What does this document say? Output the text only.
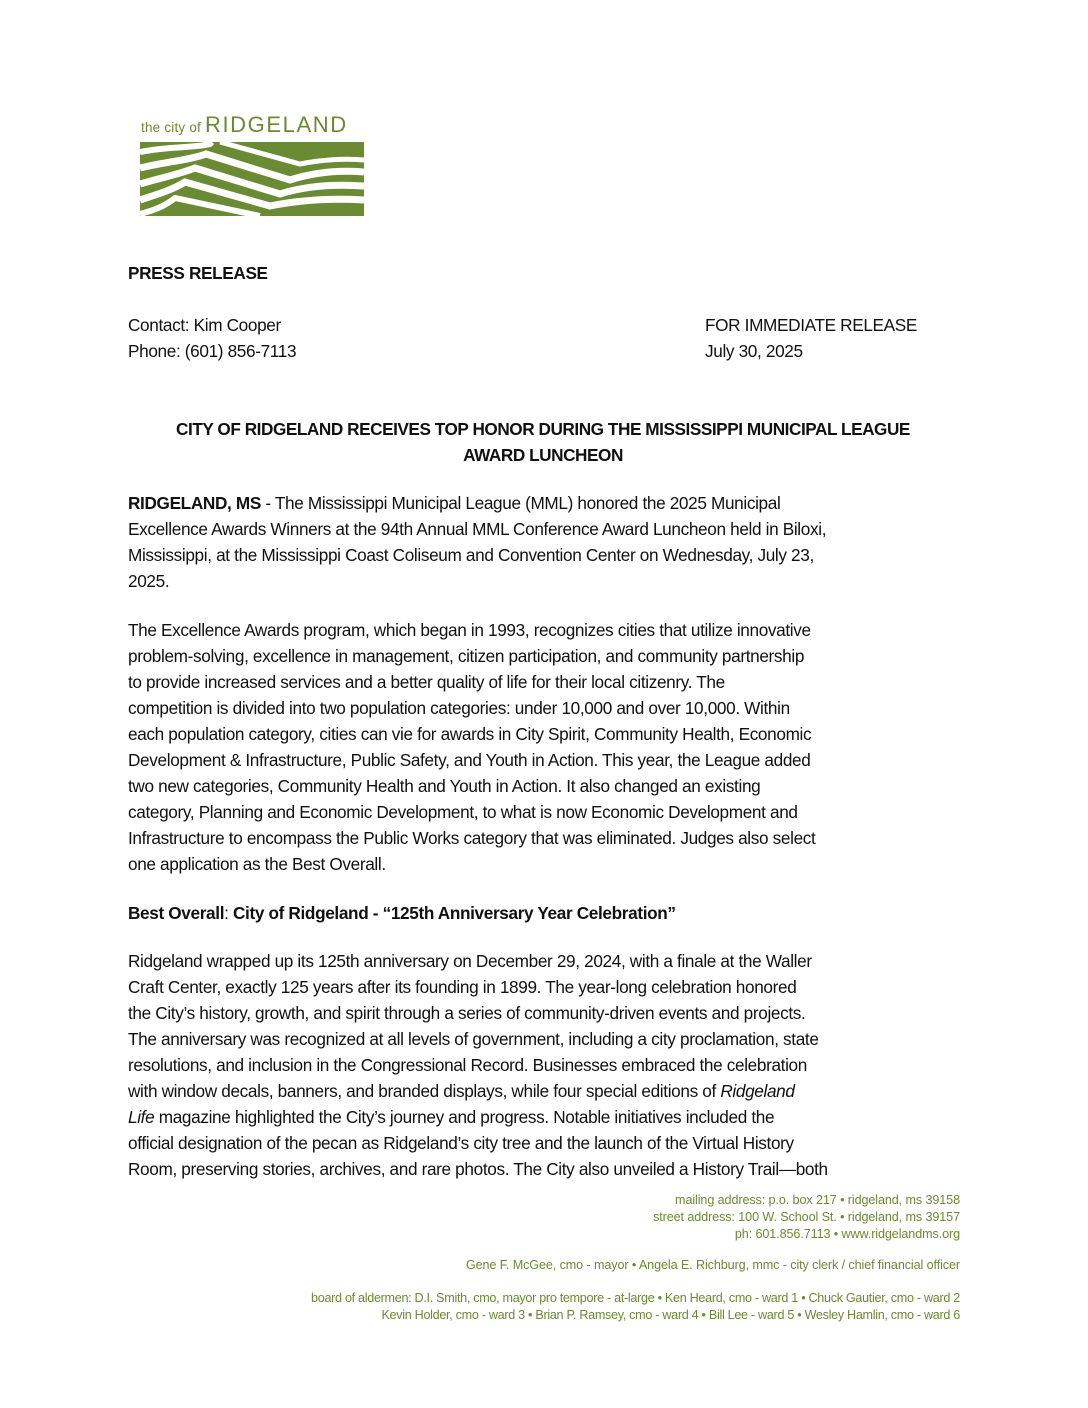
the city of RIDGELAND
PRESS RELEASE
Contact: Kim Cooper
Phone: (601) 856-7113
FOR IMMEDIATE RELEASE
July 30, 2025
CITY OF RIDGELAND RECEIVES TOP HONOR DURING THE MISSISSIPPI MUNICIPAL LEAGUE
AWARD LUNCHEON
RIDGELAND, MS - The Mississippi Municipal League (MML) honored the 2025 Municipal
Excellence Awards Winners at the 94th Annual MML Conference Award Luncheon held in Biloxi,
Mississippi, at the Mississippi Coast Coliseum and Convention Center on Wednesday, July 23,
2025.
The Excellence Awards program, which began in 1993, recognizes cities that utilize innovative
problem-solving, excellence in management, citizen participation, and community partnership
to provide increased services and a better quality of life for their local citizenry. The
competition is divided into two population categories: under 10,000 and over 10,000. Within
each population category, cities can vie for awards in City Spirit, Community Health, Economic
Development & Infrastructure, Public Safety, and Youth in Action. This year, the League added
two new categories, Community Health and Youth in Action. It also changed an existing
category, Planning and Economic Development, to what is now Economic Development and
Infrastructure to encompass the Public Works category that was eliminated. Judges also select
one application as the Best Overall.
Best Overall: City of Ridgeland - “125th Anniversary Year Celebration”
Ridgeland wrapped up its 125th anniversary on December 29, 2024, with a finale at the Waller
Craft Center, exactly 125 years after its founding in 1899. The year-long celebration honored
the City’s history, growth, and spirit through a series of community-driven events and projects.
The anniversary was recognized at all levels of government, including a city proclamation, state
resolutions, and inclusion in the Congressional Record. Businesses embraced the celebration
with window decals, banners, and branded displays, while four special editions of Ridgeland
Life magazine highlighted the City’s journey and progress. Notable initiatives included the
official designation of the pecan as Ridgeland’s city tree and the launch of the Virtual History
Room, preserving stories, archives, and rare photos. The City also unveiled a History Trail—both
mailing address: p.o. box 217 • ridgeland, ms 39158
street address: 100 W. School St. • ridgeland, ms 39157
ph: 601.856.7113 • www.ridgelandms.org
Gene F. McGee, cmo - mayor • Angela E. Richburg, mmc - city clerk / chief financial officer
board of aldermen: D.I. Smith, cmo, mayor pro tempore - at-large • Ken Heard, cmo - ward 1 • Chuck Gautier, cmo - ward 2
Kevin Holder, cmo - ward 3 • Brian P. Ramsey, cmo - ward 4 • Bill Lee - ward 5 • Wesley Hamlin, cmo - ward 6
